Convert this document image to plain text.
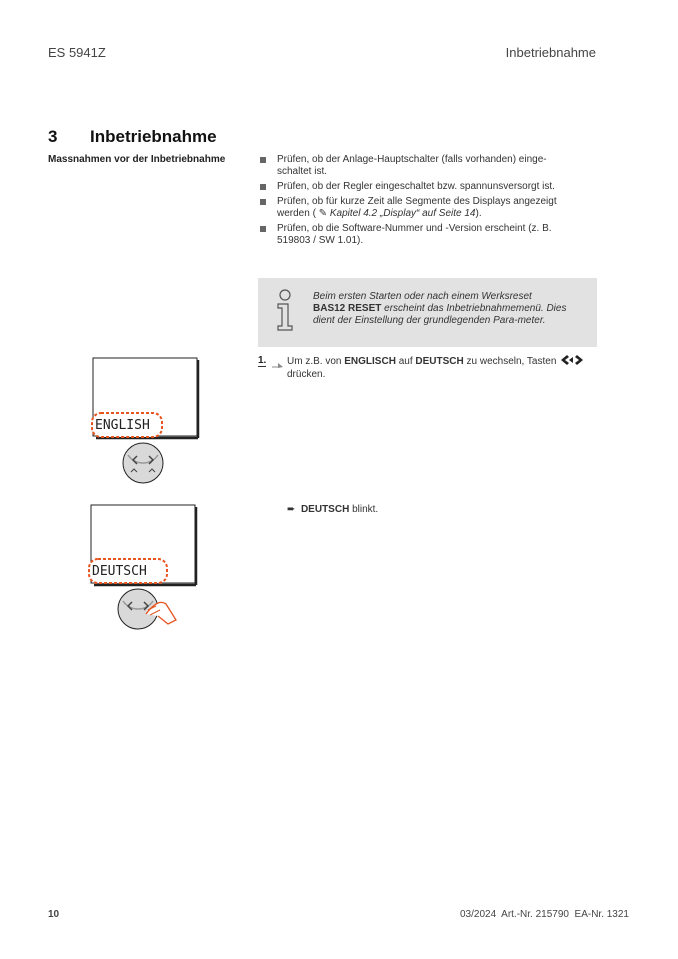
ES 5941Z	Inbetriebnahme
3 Inbetriebnahme
Massnahmen vor der Inbetriebnahme	Prüfen, ob der Anlage-Hauptschalter (falls vorhanden) einge-schaltet ist.
Prüfen, ob der Regler eingeschaltet bzw. spannunsversorgt ist.
Prüfen, ob für kurze Zeit alle Segmente des Displays angezeigt werden ( ✎ Kapitel 4.2 „Display“ auf Seite 14).
Prüfen, ob die Software-Nummer und -Version erscheint (z. B. 519803 / SW 1.01).
Beim ersten Starten oder nach einem Werksreset
BAS12 RESET erscheint das Inbetriebnahmemenü. Dies dient der Einstellung der grundlegenden Para-meter.
1. Um z.B. von ENGLISCH auf DEUTSCH zu wechseln, Tasten
drücken.
➨ DEUTSCH blinkt.
ENGLISH
DEUTSCH
10	03/2024  Art.-Nr. 215790  EA-Nr. 1321
